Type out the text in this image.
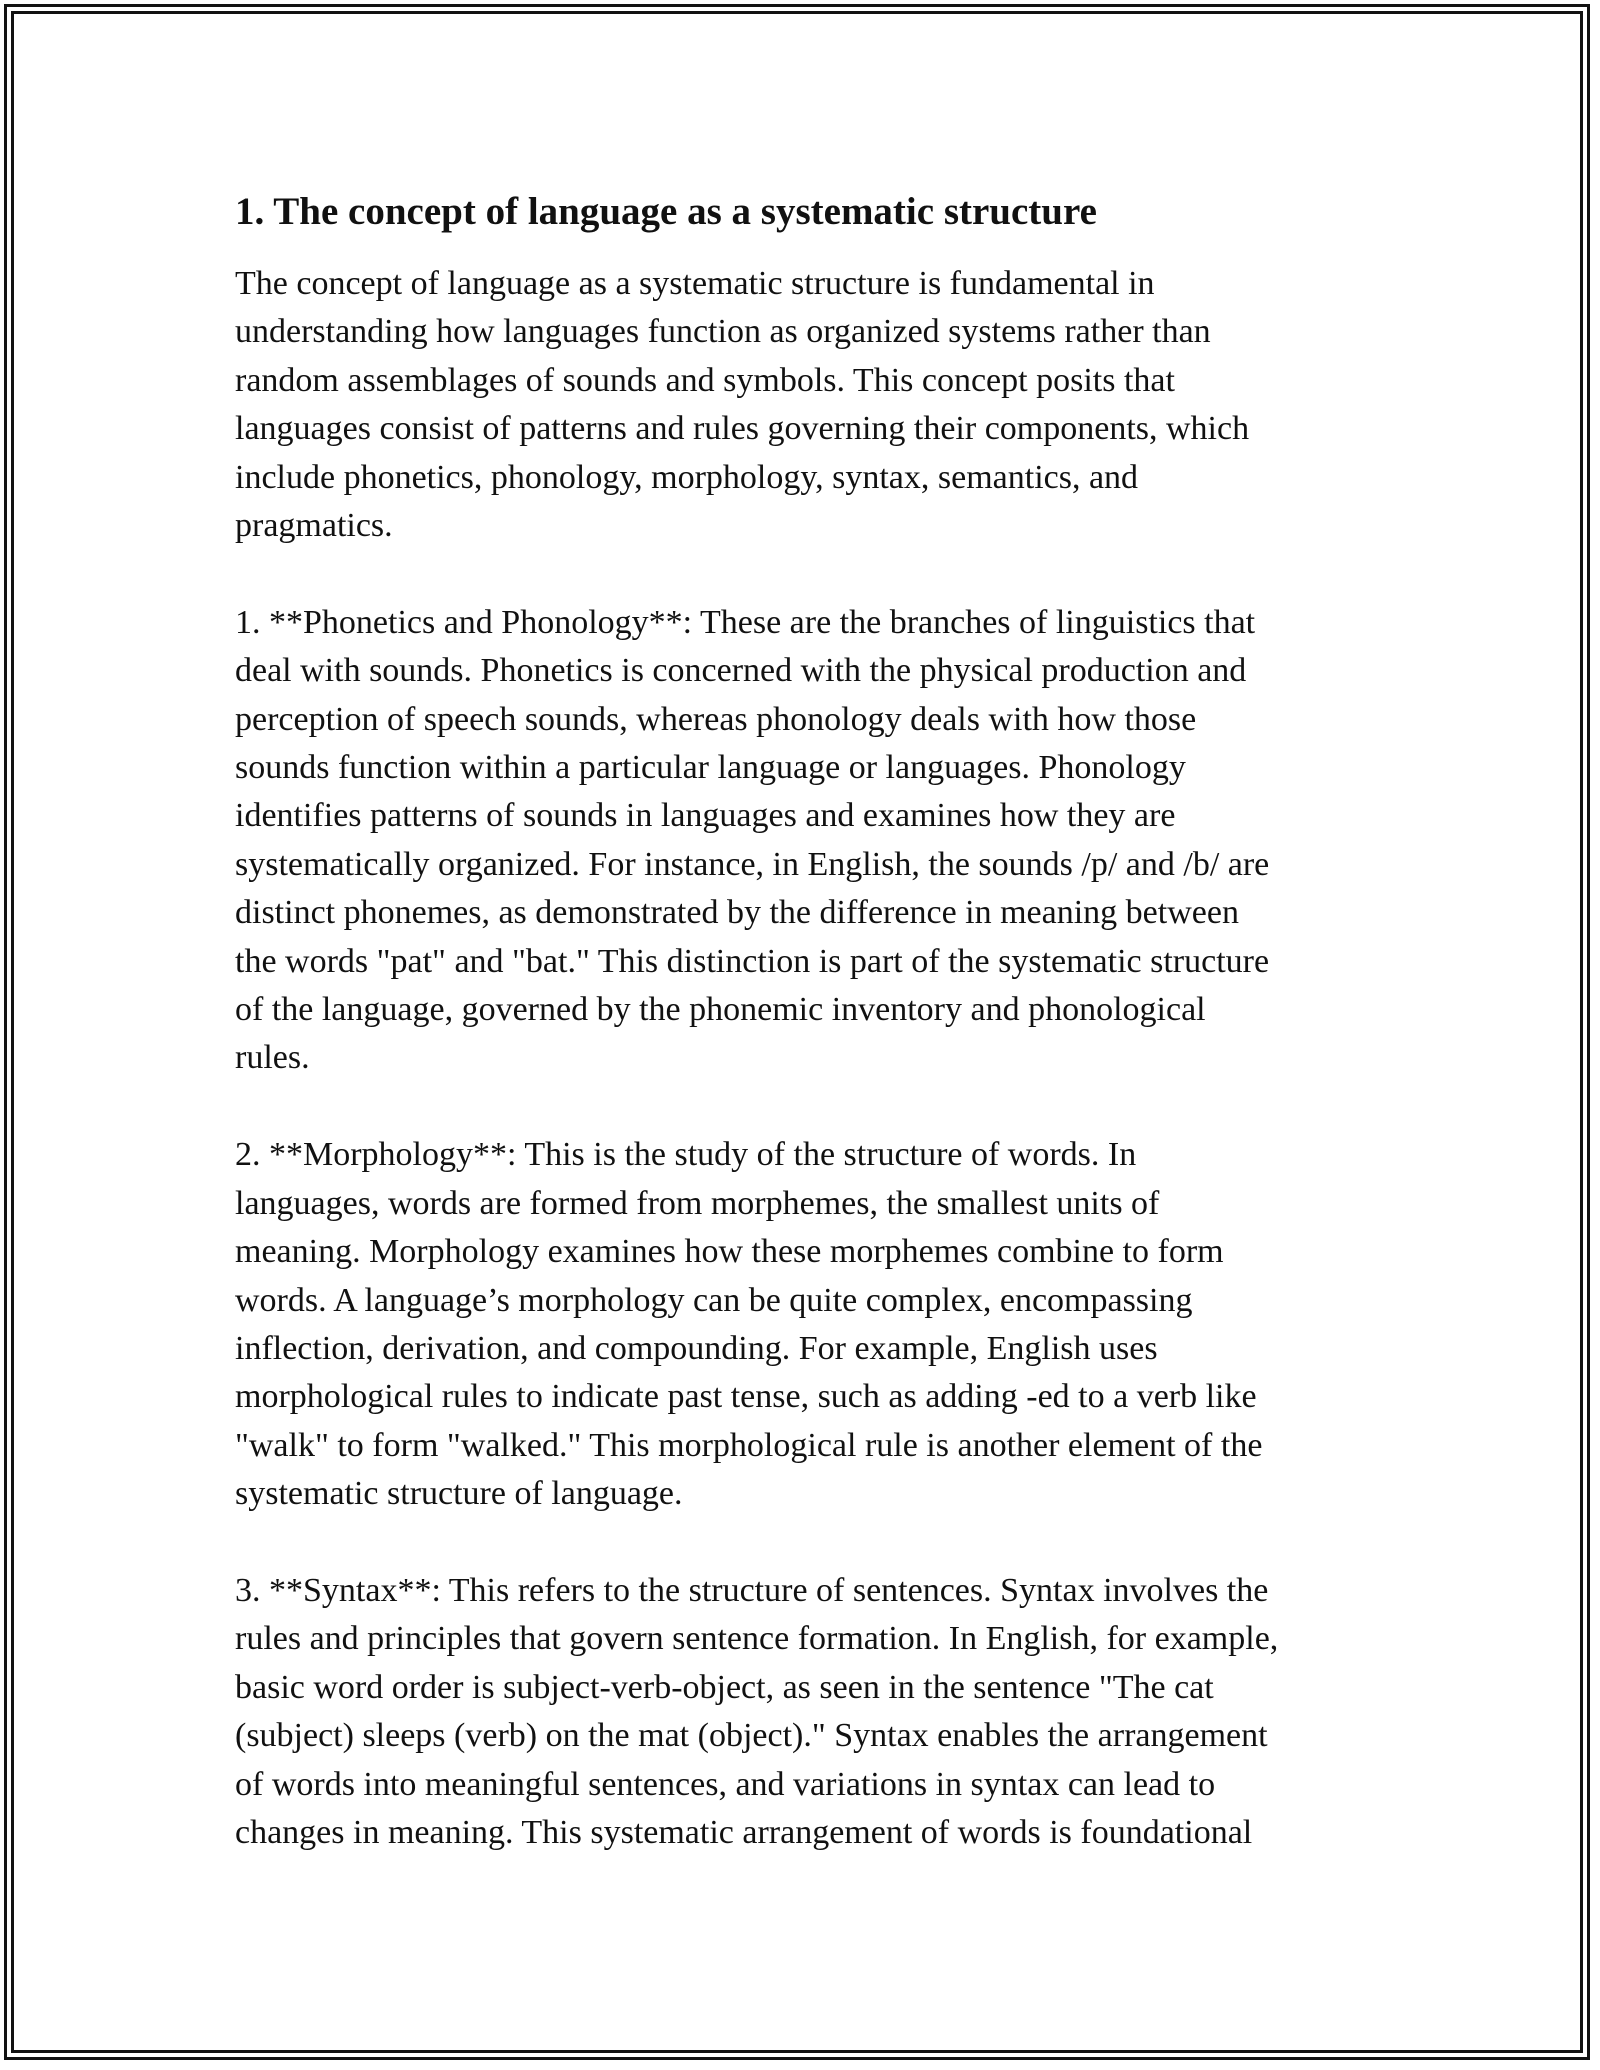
1. The concept of language as a systematic structure

The concept of language as a systematic structure is fundamental in
understanding how languages function as organized systems rather than
random assemblages of sounds and symbols. This concept posits that
languages consist of patterns and rules governing their components, which
include phonetics, phonology, morphology, syntax, semantics, and
pragmatics.

1. **Phonetics and Phonology**: These are the branches of linguistics that
deal with sounds. Phonetics is concerned with the physical production and
perception of speech sounds, whereas phonology deals with how those
sounds function within a particular language or languages. Phonology
identifies patterns of sounds in languages and examines how they are
systematically organized. For instance, in English, the sounds /p/ and /b/ are
distinct phonemes, as demonstrated by the difference in meaning between
the words "pat" and "bat." This distinction is part of the systematic structure
of the language, governed by the phonemic inventory and phonological
rules.

2. **Morphology**: This is the study of the structure of words. In
languages, words are formed from morphemes, the smallest units of
meaning. Morphology examines how these morphemes combine to form
words. A language’s morphology can be quite complex, encompassing
inflection, derivation, and compounding. For example, English uses
morphological rules to indicate past tense, such as adding -ed to a verb like
"walk" to form "walked." This morphological rule is another element of the
systematic structure of language.

3. **Syntax**: This refers to the structure of sentences. Syntax involves the
rules and principles that govern sentence formation. In English, for example,
basic word order is subject-verb-object, as seen in the sentence "The cat
(subject) sleeps (verb) on the mat (object)." Syntax enables the arrangement
of words into meaningful sentences, and variations in syntax can lead to
changes in meaning. This systematic arrangement of words is foundational
